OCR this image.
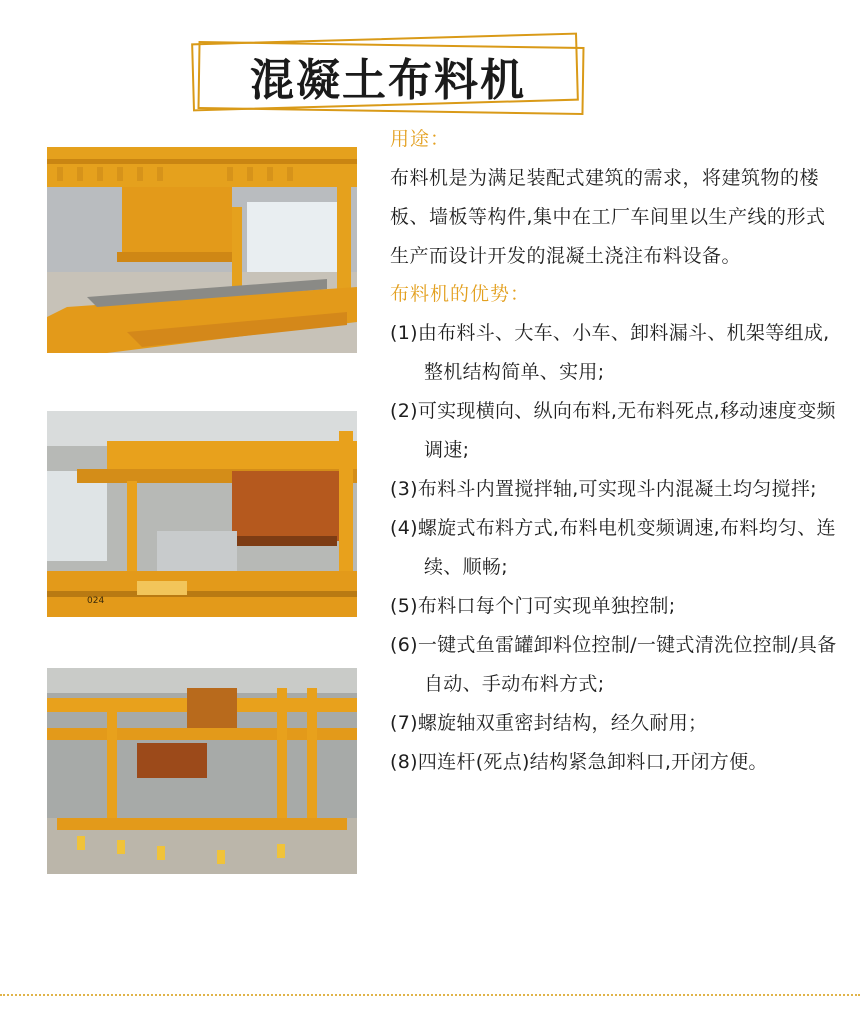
混凝土布料机
024
用途：

布料机是为满足装配式建筑的需求，将建筑物的楼板、墙板等构件,集中在工厂车间里以生产线的形式生产而设计开发的混凝土浇注布料设备。

布料机的优势：
(1)由布料斗、大车、小车、卸料漏斗、机架等组成,整机结构简单、实用;
(2)可实现横向、纵向布料,无布料死点,移动速度变频调速;
(3)布料斗内置搅拌轴,可实现斗内混凝土均匀搅拌;
(4)螺旋式布料方式,布料电机变频调速,布料均匀、连续、顺畅;
(5)布料口每个门可实现单独控制;
(6)一键式鱼雷罐卸料位控制/一键式清洗位控制/具备自动、手动布料方式;
(7)螺旋轴双重密封结构，经久耐用；
(8)四连杆(死点)结构紧急卸料口,开闭方便。
